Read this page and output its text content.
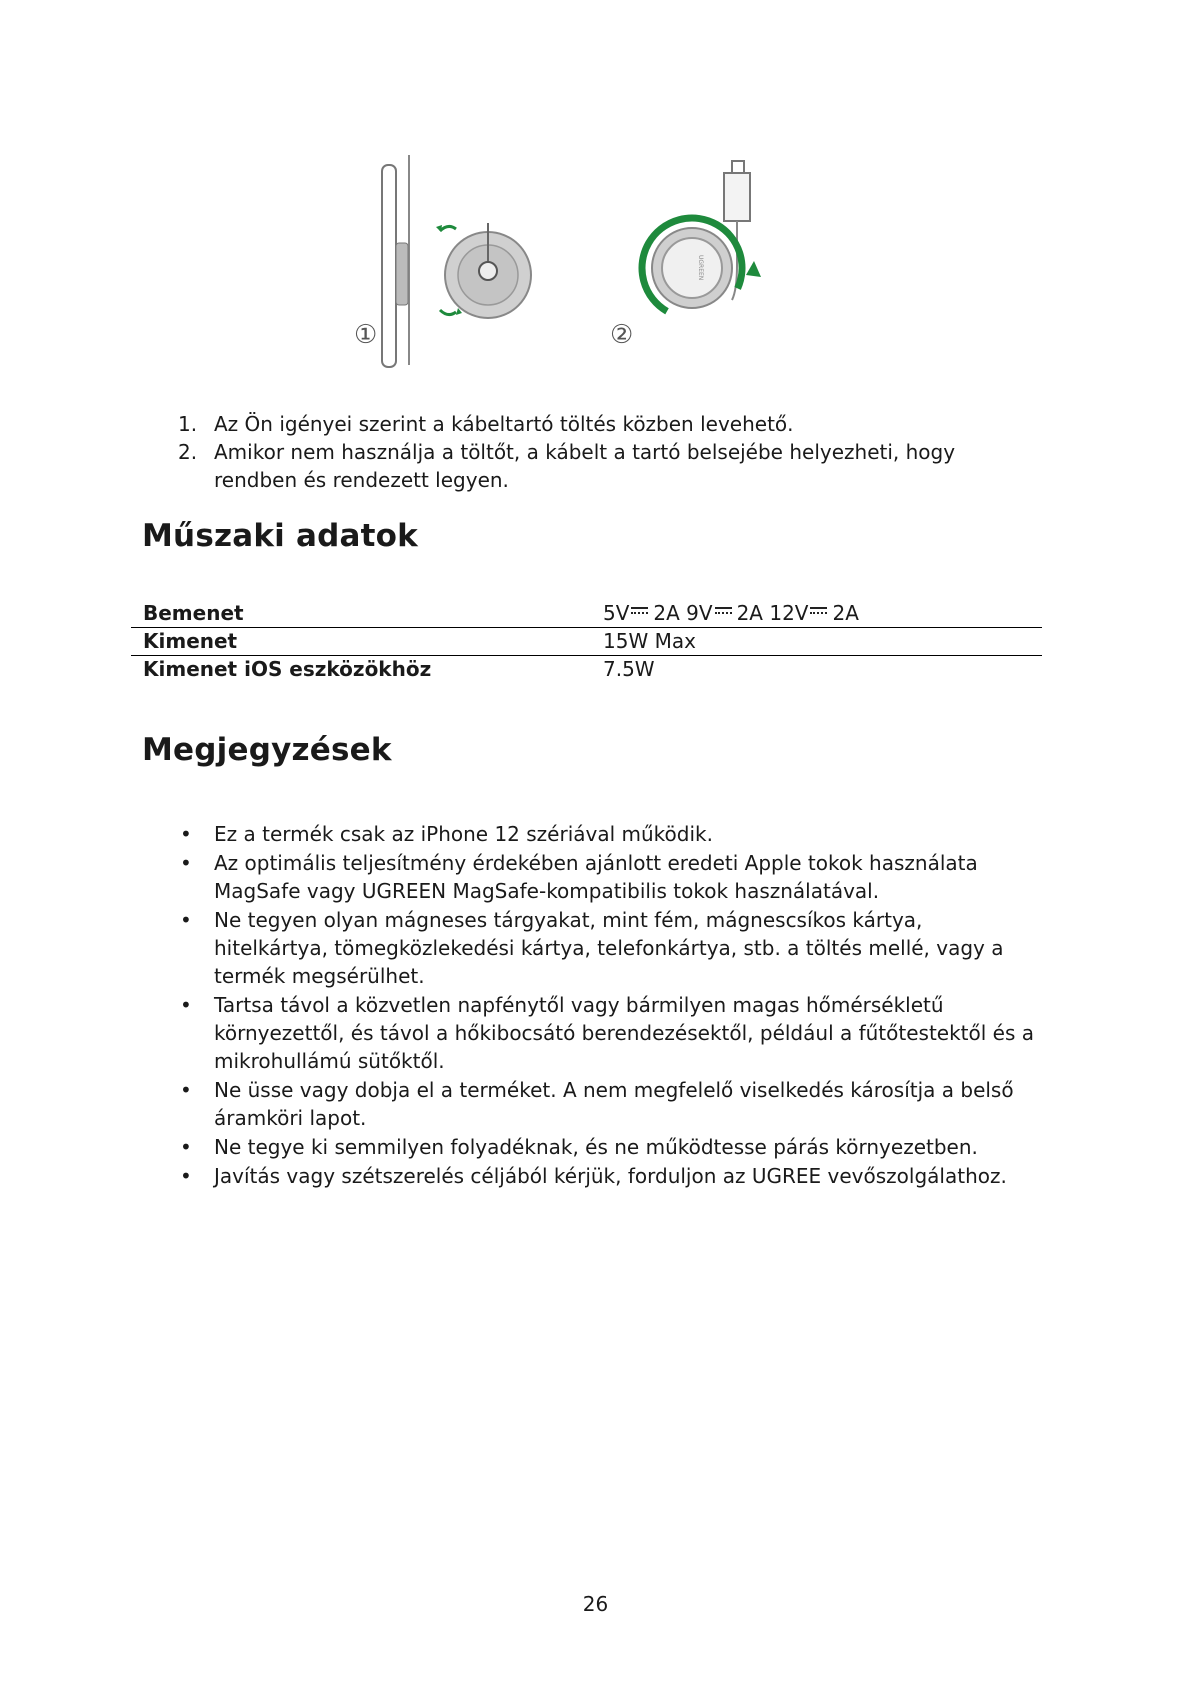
①
UGREEN
②
1. Az Ön igényei szerint a kábeltartó töltés közben levehető.
2. Amikor nem használja a töltőt, a kábelt a tartó belsejébe helyezheti, hogy rendben és rendezett legyen.
Műszaki adatok
Bemenet	5V 2A 9V 2A 12V 2A
Kimenet	15W Max
Kimenet iOS eszközökhöz	7.5W
Megjegyzések
• Ez a termék csak az iPhone 12 szériával működik.
• Az optimális teljesítmény érdekében ajánlott eredeti Apple tokok használata MagSafe vagy UGREEN MagSafe-kompatibilis tokok használatával.
• Ne tegyen olyan mágneses tárgyakat, mint fém, mágnescsíkos kártya, hitelkártya, tömegközlekedési kártya, telefonkártya, stb. a töltés mellé, vagy a termék megsérülhet.
• Tartsa távol a közvetlen napfénytől vagy bármilyen magas hőmérsékletű környezettől, és távol a hőkibocsátó berendezésektől, például a fűtőtestektől és a mikrohullámú sütőktől.
• Ne üsse vagy dobja el a terméket. A nem megfelelő viselkedés károsítja a belső áramköri lapot.
• Ne tegye ki semmilyen folyadéknak, és ne működtesse párás környezetben.
• Javítás vagy szétszerelés céljából kérjük, forduljon az UGREE vevőszolgálathoz.
26
